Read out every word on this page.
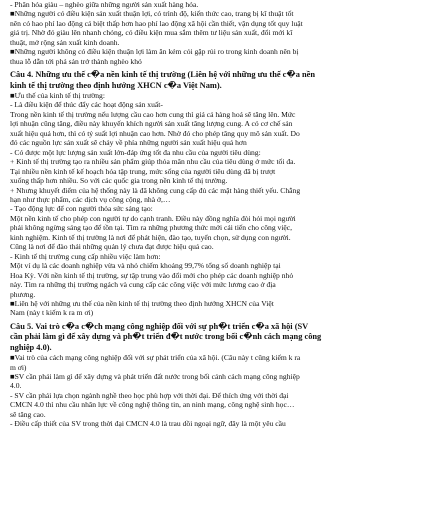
- Phân hóa giàu – nghèo giữa những người sản xuất hàng hóa.
■Những người có điều kiện sản xuất thuận lợi, có trình độ, kiến thức cao, trang bị kĩ thuật tốt
nên có hao phí lao động cá biệt thấp hơn hao phí lao động xã hội cần thiết, vận dụng tốt quy luật
giá trị. Nhờ đó giàu lên nhanh chóng, có điều kiện mua sắm thêm tư liệu sản xuất, đổi mới kĩ
thuật, mở rộng sản xuất kinh doanh.
■Những người không có điều kiện thuận lợi làm ăn kém cỏi gặp rủi ro trong kinh doanh nên bị
thua lỗ dẫn tới phá sản trở thành nghèo khó
Câu 4. Những ưu thế c�̀a nền kinh tế thị trường (Liên hệ với những ưu thế c�̀a nền
kinh tế thị trường theo định hướng XHCN c�̀a Việt Nam).
■Ưu thế của kinh tế thị trường:
- Là điều kiện để thúc đẩy các hoạt động sản xuất-
Trong nền kinh tế thị trường nếu lượng cầu cao hơn cung thì giá cả hàng hoá sẽ tăng lên. Mức
lợi nhuận cũng tăng, điều này khuyến khích người sản xuất tăng lượng cung. A có cơ chế sản
xuất hiệu quả hơn, thì có tỷ suất lợi nhuận cao hơn. Nhờ đó cho phép tăng quy mô sản xuất. Do
đó các nguồn lực sản xuất sẽ chảy về phía những người sản xuất hiệu quả hơn
- Có được một lực lượng sản xuất lớn-đáp ứng tốt đa nhu cầu của người tiêu dùng:
+ Kinh tế thị trường tạo ra nhiều sản phẩm giúp thỏa mãn nhu cầu của tiêu dùng ở mức tối đa.
Tại nhiều nền kinh tế kế hoạch hóa tập trung, mức sống của người tiêu dùng đã bị trượt
xuống thấp hơn nhiều. So với các quốc gia trong nền kinh tế thị trường.
+ Nhưng khuyết điểm của hệ thống này là đã không cung cấp đủ các mặt hàng thiết yếu. Chẳng
hạn như thực phẩm, các dịch vụ công cộng, nhà ở,…
- Tạo động lực để con người thỏa sức sáng tạo:
Một nền kinh tế cho phép con người tự do cạnh tranh. Điều này đồng nghĩa đòi hỏi mọi người
phải không ngừng sáng tạo để tồn tại. Tìm ra những phương thức mới cải tiến cho công việc,
kinh nghiệm. Kinh tế thị trường là nơi để phát hiện, đào tạo, tuyển chọn, sử dụng con người.
Cũng là nơi để đào thải những quản lý chưa đạt được hiệu quả cao.
- Kinh tế thị trường cung cấp nhiều việc làm hơn:
Một ví dụ là các doanh nghiệp vừa và nhỏ chiếm khoảng 99,7% tổng số doanh nghiệp tại
Hoa Kỳ. Với nền kinh tế thị trường, sự tập trung vào đổi mới cho phép các doanh nghiệp nhỏ
này. Tìm ra những thị trường ngách và cung cấp các công việc với mức lương cao ở địa
phương.
■Liên hệ với những ưu thế của nền kinh tế thị trường theo định hướng XHCN của Việt
Nam (này t kiếm k ra m ơi)
Câu 5. Vai trò c�̀a c�̀ch mạng công nghiệp đối với sự ph�̀t triển c�̀a xã hội (SV
cần phải làm gì để xây dựng và ph�̀t triển đ�̀t nước trong bối c�̀nh cách mạng công
nghiệp 4.0).
■Vai trò của cách mạng công nghiệp đối với sự phát triển của xã hội. (Câu này t cũng kiếm k ra
m ơi)
■SV cần phải làm gì để xây dựng và phát triển đất nước trong bối cảnh cách mạng công nghiệp
4.0.
- SV cần phải lựa chọn ngành nghề theo học phù hợp với thời đại. Để thích ứng với thời đại
CMCN 4.0 thì nhu cầu nhân lực về công nghệ thông tin, an ninh mạng, công nghệ sinh học…
sẽ tăng cao.
- Điều cấp thiết của SV trong thời đại CMCN 4.0 là trau dồi ngoại ngữ, đây là một yêu cầu
